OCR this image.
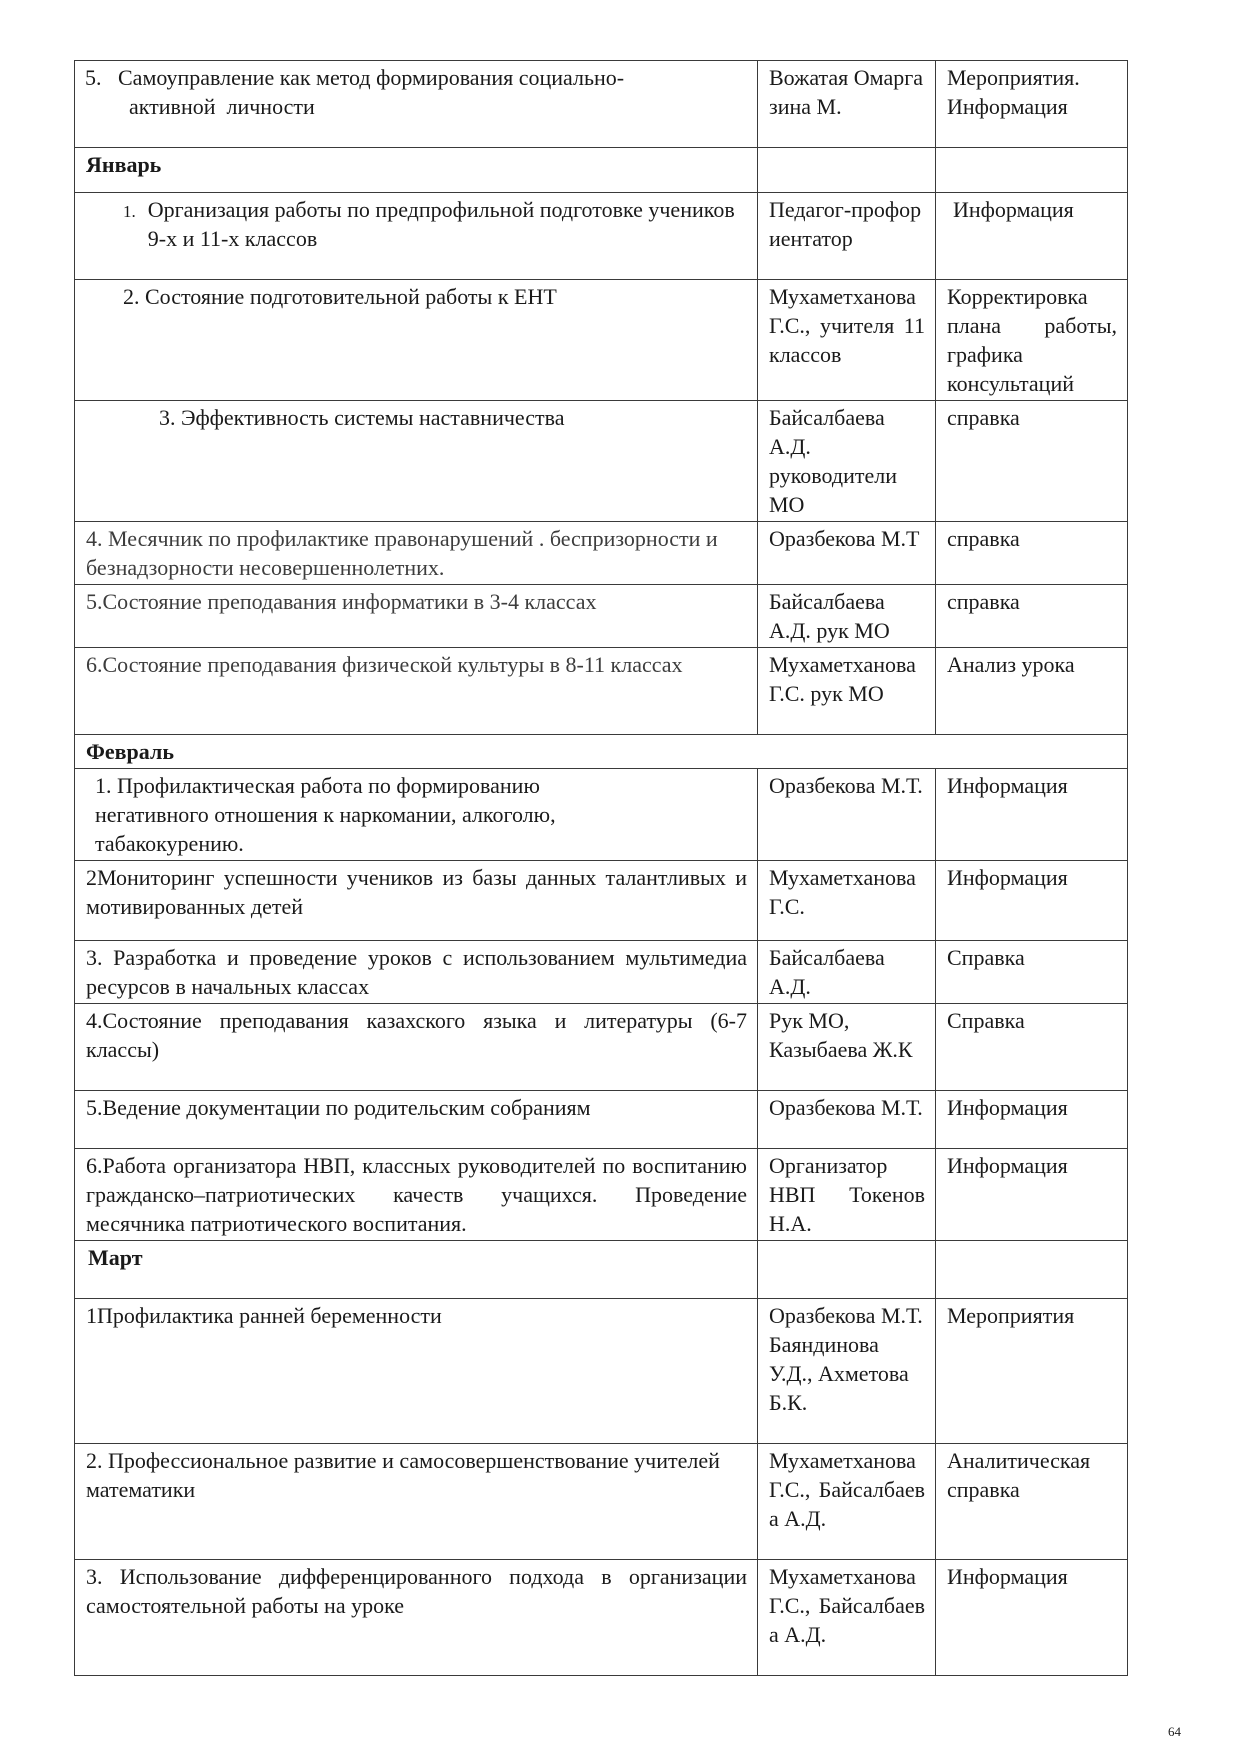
5.   Самоуправление как метод формирования социально-        активной  личности	Вожатая Омаргазина М.	Мероприятия. Информация
Январь		

1. Организация работы по предпрофильной подготовке учеников 9-х и 11-х классов	Педагог-профориентатор	Информация
2. Состояние подготовительной работы к ЕНТ	Мухаметханова Г.С., учителя 11 классов	Корректировка плана работы, графика консультаций
3. Эффективность системы наставничества	Байсалбаева А.Д. руководители МО	справка
4. Месячник по профилактике правонарушений . беспризорности и безнадзорности несовершеннолетних.	Оразбекова М.Т	справка
5.Состояние преподавания информатики в 3-4 классах	Байсалбаева А.Д. рук МО	справка
6.Состояние преподавания физической культуры в 8-11 классах	Мухаметханова Г.С. рук МО	Анализ урока
Февраль		
1. Профилактическая работа по формированию негативного отношения к наркомании, алкоголю, табакокурению.	Оразбекова М.Т.	Информация
2Мониторинг успешности учеников из базы данных талантливых и мотивированных детей	Мухаметханова Г.С.	Информация
3. Разработка и проведение уроков с использованием мультимедиа ресурсов в начальных классах	Байсалбаева А.Д.	Справка
4.Состояние преподавания казахского языка и литературы (6-7 классы)	Рук МО, Казыбаева Ж.К	Справка
5.Ведение документации по родительским собраниям	Оразбекова М.Т.	Информация
6.Работа организатора НВП, классных руководителей по воспитанию гражданско–патриотических качеств учащихся. Проведение месячника патриотического воспитания.	Организатор НВП Токенов Н.А.	Информация
Март		
1Профилактика ранней беременности	Оразбекова М.Т. Баяндинова У.Д., Ахметова Б.К.	Мероприятия
2. Профессиональное развитие и самосовершенствование учителей математики	Мухаметханова Г.С., Байсалбаева А.Д.	Аналитическая справка
3. Использование дифференцированного подхода в организации самостоятельной работы на уроке	Мухаметханова Г.С., Байсалбаева А.Д.	Информация
64
